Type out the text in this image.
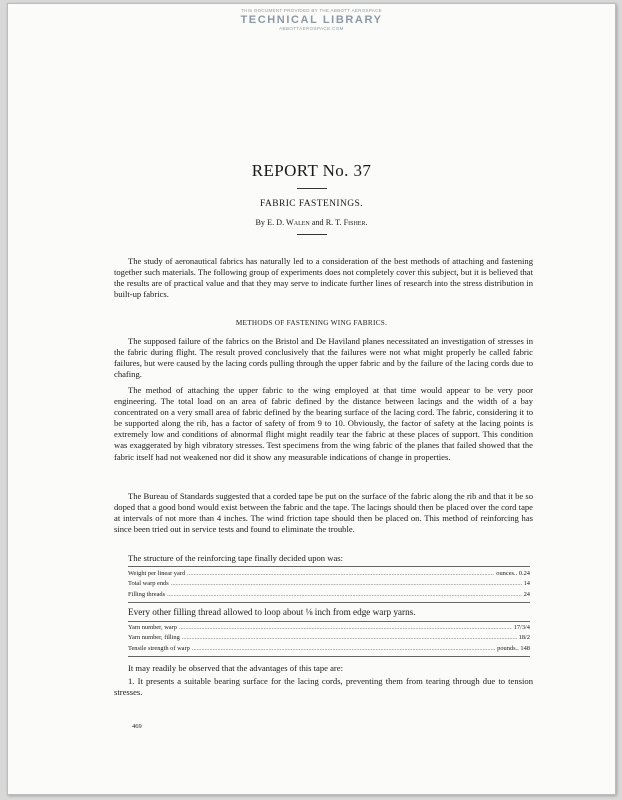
THIS DOCUMENT PROVIDED BY THE ABBOTT AEROSPACE
TECHNICAL LIBRARY
ABBOTTAEROSPACE.COM
REPORT No. 37
FABRIC FASTENINGS.
By E. D. Walen and R. T. Fisher.

The study of aeronautical fabrics has naturally led to a consideration of the best methods of attaching and fastening together such materials. The following group of experiments does not completely cover this subject, but it is believed that the results are of practical value and that they may serve to indicate further lines of research into the stress distribution in built-up fabrics.

METHODS OF FASTENING WING FABRICS.

The supposed failure of the fabrics on the Bristol and De Haviland planes necessitated an investigation of stresses in the fabric during flight. The result proved conclusively that the failures were not what might properly be called fabric failures, but were caused by the lacing cords pulling through the upper fabric and by the failure of the lacing cords due to chafing.

The method of attaching the upper fabric to the wing employed at that time would appear to be very poor engineering. The total load on an area of fabric defined by the distance between lacings and the width of a bay concentrated on a very small area of fabric defined by the bearing surface of the lacing cord. The fabric, considering it to be supported along the rib, has a factor of safety of from 9 to 10. Obviously, the factor of safety at the lacing points is extremely low and conditions of abnormal flight might readily tear the fabric at these places of support. This condition was exaggerated by high vibratory stresses. Test specimens from the wing fabric of the planes that failed showed that the fabric itself had not weakened nor did it show any measurable indications of change in properties.

The Bureau of Standards suggested that a corded tape be put on the surface of the fabric along the rib and that it be so doped that a good bond would exist between the fabric and the tape. The lacings should then be placed over the cord tape at intervals of not more than 4 inches. The wind friction tape should then be placed on. This method of reinforcing has since been tried out in service tests and found to eliminate the trouble.

The structure of the reinforcing tape finally decided upon was:

Weight per linear yard .....	ounces.. 0.24
Total warp ends .....	14
Filling threads .....	24

Every other filling thread allowed to loop about ⅛ inch from edge warp yarns.

Yarn number, warp .....	17/3/4
Yarn number, filling .....	18/2
Tensile strength of warp .....	pounds.. 148

It may readily be observed that the advantages of this tape are:

1. It presents a suitable bearing surface for the lacing cords, preventing them from tearing through due to tension stresses.

469
